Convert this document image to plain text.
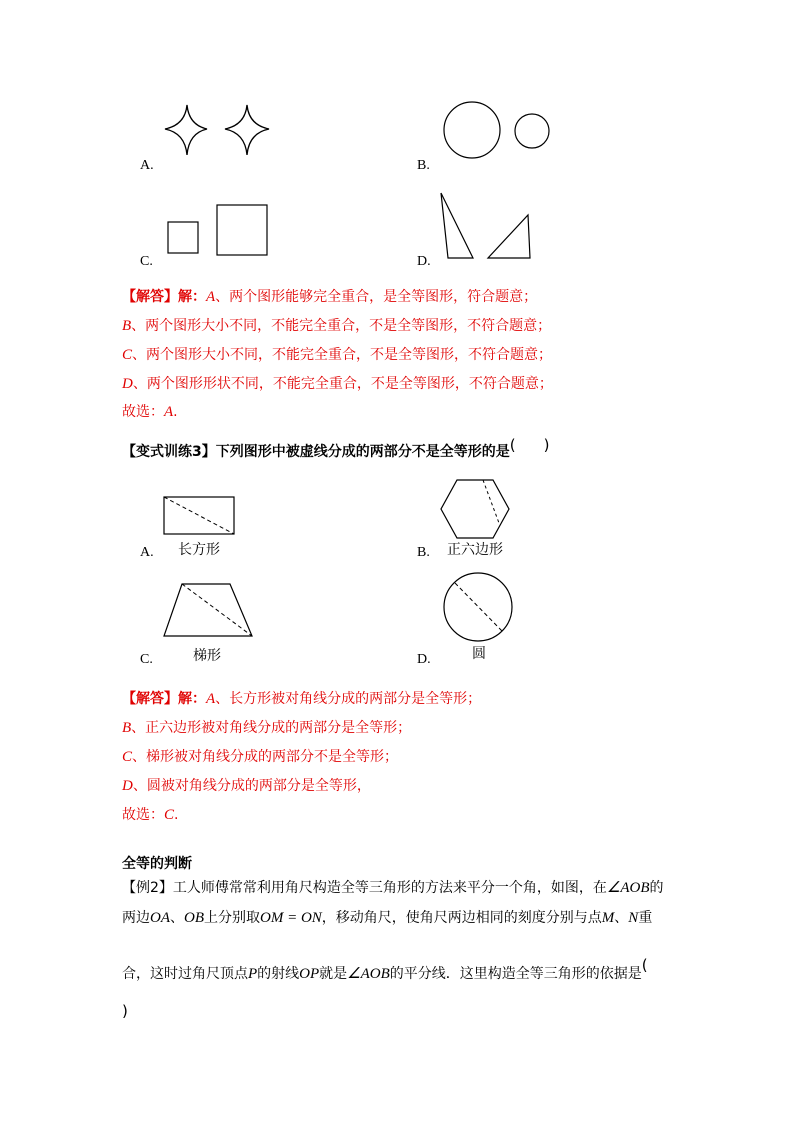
A.	B.
C.	D.
【解答】解：A、两个图形能够完全重合，是全等图形，符合题意；
B、两个图形大小不同，不能完全重合，不是全等图形，不符合题意；
C、两个图形大小不同，不能完全重合，不是全等图形，不符合题意；
D、两个图形形状不同，不能完全重合，不是全等图形，不符合题意；
故选：A.
【变式训练3】下列图形中被虚线分成的两部分不是全等形的是( )
A. 长方形	B. 正六边形
C.	梯形	D.	圆
【解答】解：A、长方形被对角线分成的两部分是全等形；
B、正六边形被对角线分成的两部分是全等形；
C、梯形被对角线分成的两部分不是全等形；
D、圆被对角线分成的两部分是全等形，
故选：C.
全等的判断
【例2】工人师傅常常利用角尺构造全等三角形的方法来平分一个角，如图，在∠AOB的
两边OA、OB上分别取OM = ON，移动角尺，使角尺两边相同的刻度分别与点M、N重
合，这时过角尺顶点P的射线OP就是∠AOB的平分线．这里构造全等三角形的依据是(
)
